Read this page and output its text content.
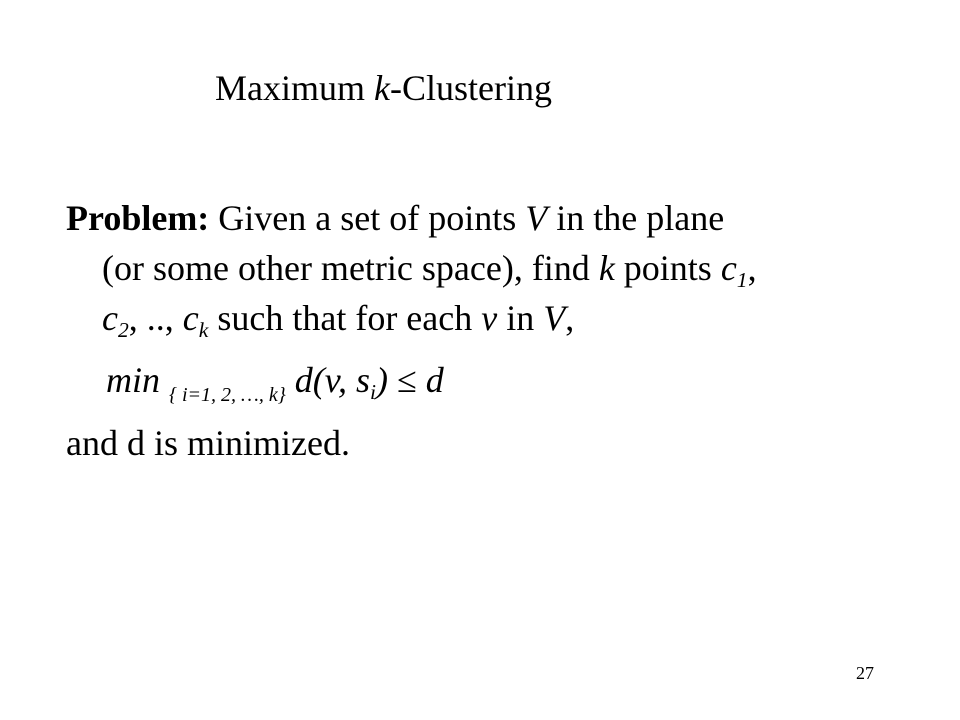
Maximum k-Clustering
Problem: Given a set of points V in the plane
(or some other metric space), find k points $c_1$,
$c_2$, .., $c_k$ such that for each v in V,
min $_{\{ i=1, 2, \dots, k\}}$ d(v, $s_i) \le d$
and d is minimized.
27
